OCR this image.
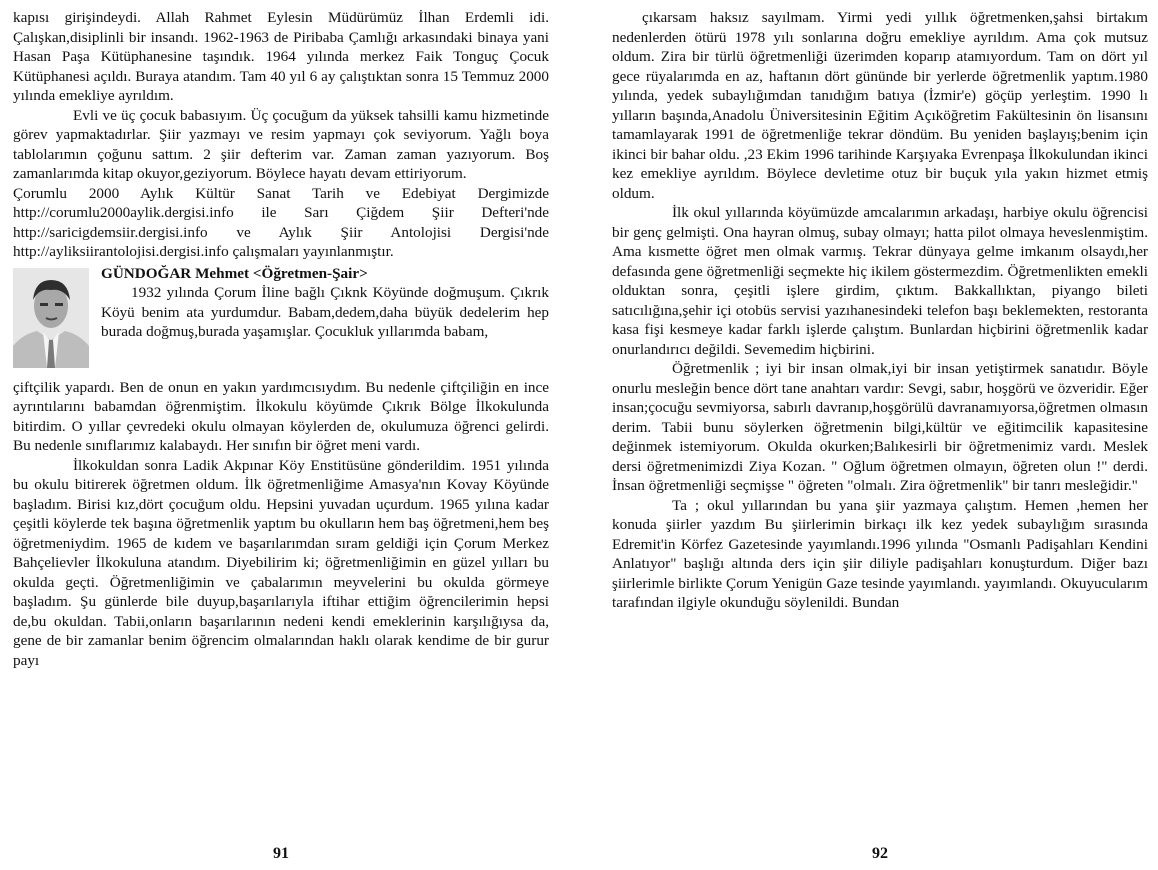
kapısı girişindeydi. Allah Rahmet Eylesin Müdürümüz İlhan Erdemli idi. Çalışkan,disiplinli bir insandı. 1962-1963 de Piribaba Çamlığı arkasındaki binaya yani Hasan Paşa Kütüphanesine taşındık. 1964 yılında merkez Faik Tonguç Çocuk Kütüphanesi açıldı. Buraya atandım. Tam 40 yıl 6 ay çalıştıktan sonra 15 Temmuz 2000 yılında emekliye ayrıldım.

Evli ve üç çocuk babasıyım. Üç çocuğum da yüksek tahsilli kamu hizmetinde görev yapmaktadırlar. Şiir yazmayı ve resim yapmayı çok seviyorum. Yağlı boya tablolarımın çoğunu sattım. 2 şiir defterim var. Zaman zaman yazıyorum. Boş zamanlarımda kitap okuyor,geziyorum. Böylece hayatı devam ettiriyorum.

Çorumlu 2000 Aylık Kültür Sanat Tarih ve Edebiyat Dergimizde http://corumlu2000aylik.dergisi.info ile Sarı Çiğdem Şiir Defteri'nde http://saricigdemsiir.dergisi.info ve Aylık Şiir Antolojisi Dergisi'nde http://ayliksiirantolojisi.dergisi.info çalışmaları yayınlanmıştır.

GÜNDOĞAR Mehmet <Öğretmen-Şair>

1932 yılında Çorum İline bağlı Çıknk Köyünde doğmuşum. Çıkrık Köyü benim ata yurdumdur. Babam,dedem,daha büyük dedelerim hep burada doğmuş,burada yaşamışlar. Çocukluk yıllarımda babam,

çiftçilik yapardı. Ben de onun en yakın yardımcısıydım. Bu nedenle çiftçiliğin en ince ayrıntılarını babamdan öğrenmiştim. İlkokulu köyümde Çıkrık Bölge İlkokulunda bitirdim. O yıllar çevredeki okulu olmayan köylerden de, okulumuza öğrenci gelirdi. Bu nedenle sınıflarımız kalabaydı. Her sınıfın bir öğret meni vardı.

İlkokuldan sonra Ladik Akpınar Köy Enstitüsüne gönderildim. 1951 yılında bu okulu bitirerek öğretmen oldum. İlk öğretmenliğime Amasya'nın Kovay Köyünde başladım. Birisi kız,dört çocuğum oldu. Hepsini yuvadan uçurdum. 1965 yılına kadar çeşitli köylerde tek başına öğretmenlik yaptım bu okulların hem baş öğretmeni,hem beş öğretmeniydim. 1965 de kıdem ve başarılarımdan sıram geldiği için Çorum Merkez Bahçelievler İlkokuluna atandım. Diyebilirim ki; öğretmenliğimin en güzel yılları bu okulda geçti. Öğretmenliğimin ve çabalarımın meyvelerini bu okulda görmeye başladım. Şu günlerde bile duyup,başarılarıyla iftihar ettiğim öğrencilerimin hepsi de,bu okuldan. Tabii,onların başarılarının nedeni kendi emeklerinin karşılığıysa da, gene de bir zamanlar benim öğrencim olmalarından haklı olarak kendime de bir gurur payı

91

çıkarsam haksız sayılmam. Yirmi yedi yıllık öğretmenken,şahsi birtakım nedenlerden ötürü 1978 yılı sonlarına doğru emekliye ayrıldım. Ama çok mutsuz oldum. Zira bir türlü öğretmenliği üzerimden koparıp atamıyordum. Tam on dört yıl gece rüyalarımda en az, haftanın dört gününde bir yerlerde öğretmenlik yaptım.1980 yılında, yedek subaylığımdan tanıdığım batıya (İzmir'e) göçüp yerleştim. 1990 lı yılların başında,Anadolu Üniversitesinin Eğitim Açıköğretim Fakültesinin ön lisansını tamamlayarak 1991 de öğretmenliğe tekrar döndüm. Bu yeniden başlayış;benim için ikinci bir bahar oldu. ,23 Ekim 1996 tarihinde Karşıyaka Evrenpaşa İlkokulundan ikinci kez emekliye ayrıldım. Böylece devletime otuz bir buçuk yıla yakın hizmet etmiş oldum.

İlk okul yıllarında köyümüzde amcalarımın arkadaşı, harbiye okulu öğrencisi bir genç gelmişti. Ona hayran olmuş, subay olmayı; hatta pilot olmaya heveslenmiştim. Ama kısmette öğret men olmak varmış. Tekrar dünyaya gelme imkanım olsaydı,her defasında gene öğretmenliği seçmekte hiç ikilem göstermezdim. Öğretmenlikten emekli olduktan sonra, çeşitli işlere girdim, çıktım. Bakkallıktan, piyango bileti satıcılığına,şehir içi otobüs servisi yazıhanesindeki telefon başı beklemekten, restoranta kasa fişi kesmeye kadar farklı işlerde çalıştım. Bunlardan hiçbirini öğretmenlik kadar onurlandırıcı değildi. Sevemedim hiçbirini.

Öğretmenlik ; iyi bir insan olmak,iyi bir insan yetiştirmek sanatıdır. Böyle onurlu mesleğin bence dört tane anahtarı vardır: Sevgi, sabır, hoşgörü ve özveridir. Eğer insan;çocuğu sevmiyorsa, sabırlı davranıp,hoşgörülü davranamıyorsa,öğretmen olmasın derim. Tabii bunu söylerken öğretmenin bilgi,kültür ve eğitimcilik kapasitesine değinmek istemiyorum. Okulda okurken;Balıkesirli bir öğretmenimiz vardı. Meslek dersi öğretmenimizdi Ziya Kozan. " Oğlum öğretmen olmayın, öğreten olun !" derdi. İnsan öğretmenliği seçmişse " öğreten "olmalı. Zira öğretmenlik" bir tanrı mesleğidir."

Ta ; okul yıllarından bu yana şiir yazmaya çalıştım. Hemen ,hemen her konuda şiirler yazdım Bu şiirlerimin birkaçı ilk kez yedek subaylığım sırasında Edremit'in Körfez Gazetesinde yayımlandı.1996 yılında "Osmanlı Padişahları Kendini Anlatıyor" başlığı altında ders için şiir diliyle padişahları konuşturdum. Diğer bazı şiirlerimle birlikte Çorum Yenigün Gaze tesinde yayımlandı. yayımlandı. Okuyucularım tarafından ilgiyle okunduğu söylenildi. Bundan

92
